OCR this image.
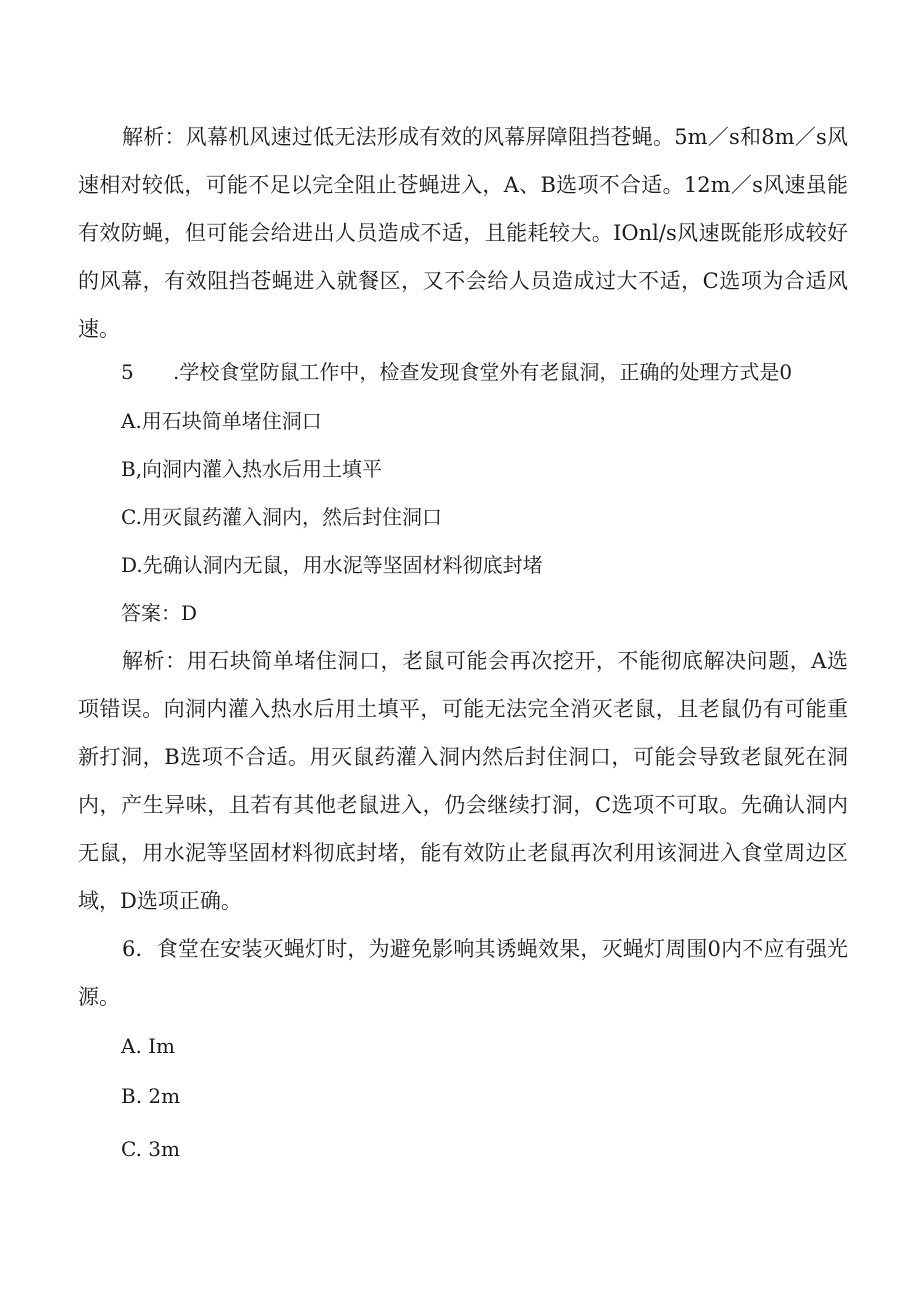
解析：风幕机风速过低无法形成有效的风幕屏障阻挡苍蝇。5m／s和8m／s风速相对较低，可能不足以完全阻止苍蝇进入，A、B选项不合适。12m／s风速虽能有效防蝇，但可能会给进出人员造成不适，且能耗较大。IOnl/s风速既能形成较好的风幕，有效阻挡苍蝇进入就餐区，又不会给人员造成过大不适，C选项为合适风速。

5 .学校食堂防鼠工作中，检查发现食堂外有老鼠洞，正确的处理方式是0

A.用石块简单堵住洞口

B,向洞内灌入热水后用土填平

C.用灭鼠药灌入洞内，然后封住洞口

D.先确认洞内无鼠，用水泥等坚固材料彻底封堵

答案：D

解析：用石块简单堵住洞口，老鼠可能会再次挖开，不能彻底解决问题，A选项错误。向洞内灌入热水后用土填平，可能无法完全消灭老鼠，且老鼠仍有可能重新打洞，B选项不合适。用灭鼠药灌入洞内然后封住洞口，可能会导致老鼠死在洞内，产生异味，且若有其他老鼠进入，仍会继续打洞，C选项不可取。先确认洞内无鼠，用水泥等坚固材料彻底封堵，能有效防止老鼠再次利用该洞进入食堂周边区域，D选项正确。

6．食堂在安装灭蝇灯时，为避免影响其诱蝇效果，灭蝇灯周围0内不应有强光源。

A. Im

B. 2m

C. 3m
